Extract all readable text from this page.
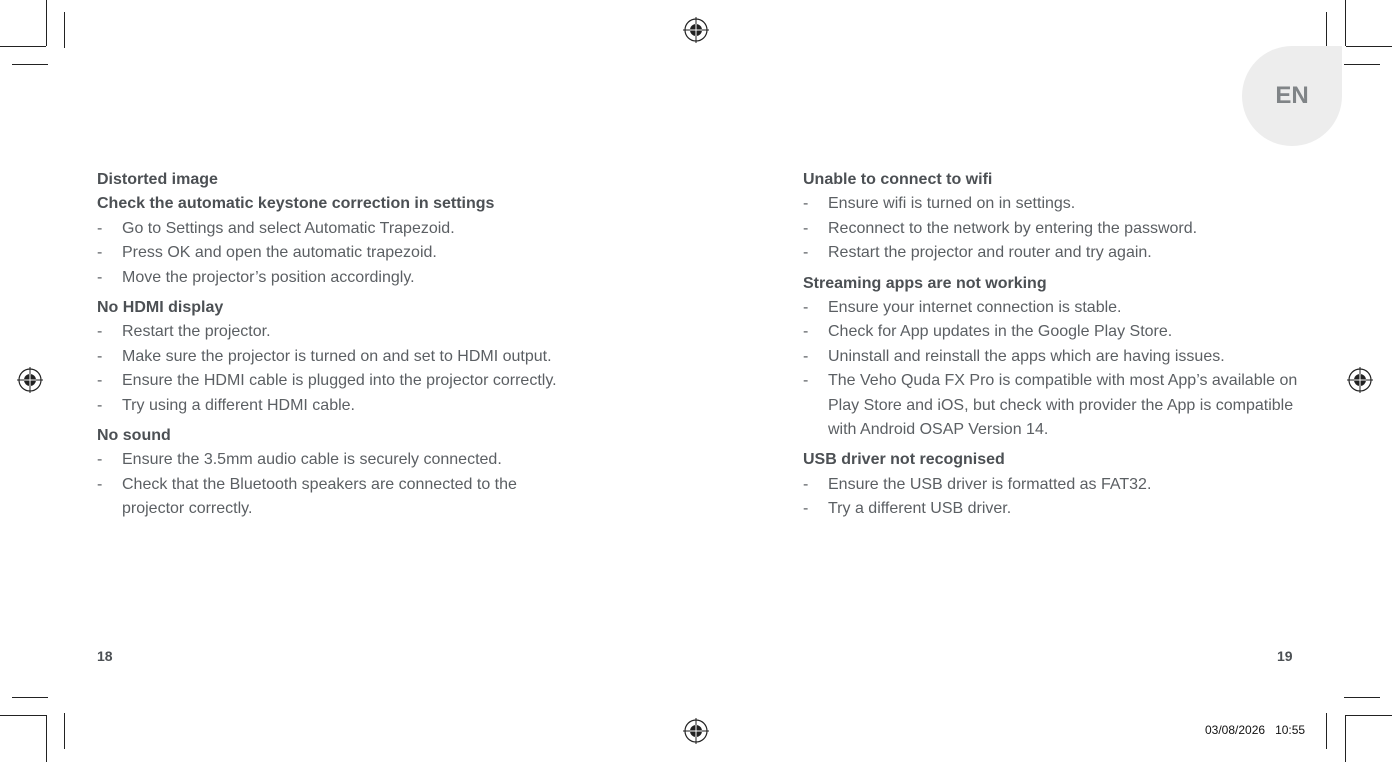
EN

Distorted image

Check the automatic keystone correction in settings

- Go to Settings and select Automatic Trapezoid.
- Press OK and open the automatic trapezoid.
- Move the projector’s position accordingly.

No HDMI display

- Restart the projector.
- Make sure the projector is turned on and set to HDMI output.
- Ensure the HDMI cable is plugged into the projector correctly.
- Try using a different HDMI cable.

No sound

- Ensure the 3.5mm audio cable is securely connected.
- Check that the Bluetooth speakers are connected to the projector correctly.

Unable to connect to wifi

- Ensure wifi is turned on in settings.
- Reconnect to the network by entering the password.
- Restart the projector and router and try again.

Streaming apps are not working

- Ensure your internet connection is stable.
- Check for App updates in the Google Play Store.
- Uninstall and reinstall the apps which are having issues.
- The Veho Quda FX Pro is compatible with most App’s available on Play Store and iOS, but check with provider the App is compatible with Android OSAP Version 14.

USB driver not recognised

- Ensure the USB driver is formatted as FAT32.
- Try a different USB driver.
18	19
03/08/2026 10:55
